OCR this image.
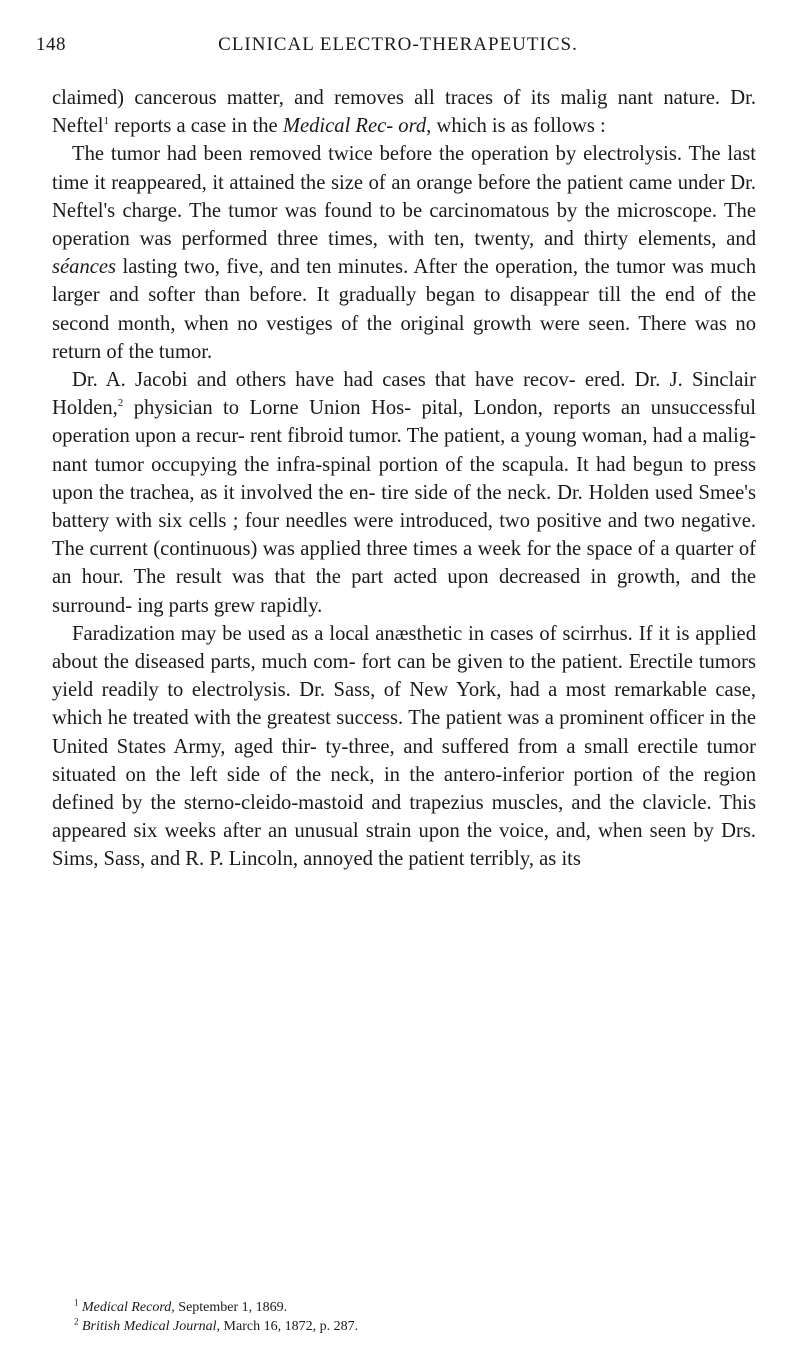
148	CLINICAL ELECTRO-THERAPEUTICS.

claimed) cancerous matter, and removes all traces of its malig nant nature. Dr. Neftel$^1$ reports a case in the Medical Rec- ord, which is as follows :

The tumor had been removed twice before the operation by electrolysis. The last time it reappeared, it attained the size of an orange before the patient came under Dr. Neftel's charge. The tumor was found to be carcinomatous by the microscope. The operation was performed three times, with ten, twenty, and thirty elements, and séances lasting two, five, and ten minutes. After the operation, the tumor was much larger and softer than before. It gradually began to disappear till the end of the second month, when no vestiges of the original growth were seen. There was no return of the tumor.

Dr. A. Jacobi and others have had cases that have recov- ered. Dr. J. Sinclair Holden,$^2$ physician to Lorne Union Hos- pital, London, reports an unsuccessful operation upon a recur- rent fibroid tumor. The patient, a young woman, had a malig- nant tumor occupying the infra-spinal portion of the scapula. It had begun to press upon the trachea, as it involved the en- tire side of the neck. Dr. Holden used Smee's battery with six cells ; four needles were introduced, two positive and two negative. The current (continuous) was applied three times a week for the space of a quarter of an hour. The result was that the part acted upon decreased in growth, and the surround- ing parts grew rapidly.

Faradization may be used as a local anæsthetic in cases of scirrhus. If it is applied about the diseased parts, much com- fort can be given to the patient. Erectile tumors yield readily to electrolysis. Dr. Sass, of New York, had a most remarkable case, which he treated with the greatest success. The patient was a prominent officer in the United States Army, aged thir- ty-three, and suffered from a small erectile tumor situated on the left side of the neck, in the antero-inferior portion of the region defined by the sterno-cleido-mastoid and trapezius muscles, and the clavicle. This appeared six weeks after an unusual strain upon the voice, and, when seen by Drs. Sims, Sass, and R. P. Lincoln, annoyed the patient terribly, as its

$^1$ Medical Record, September 1, 1869.
$^2$ British Medical Journal, March 16, 1872, p. 287.
